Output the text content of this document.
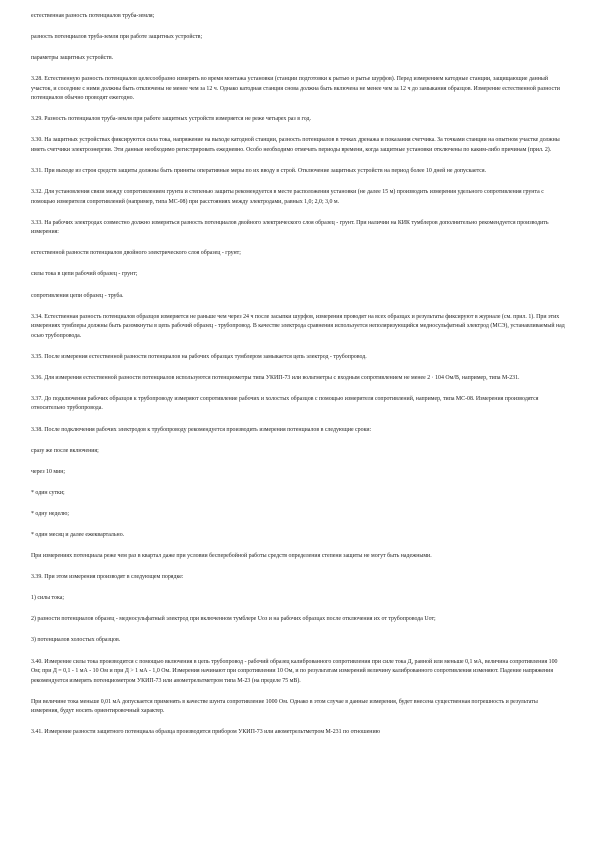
естественная разность потенциалов труба-земля;

разность потенциалов труба-земля при работе защитных устройств;

параметры защитных устройств.

3.28. Естественную разность потенциалов целесообразно измерять во время монтажа установки (станции подготовки к рытью и рытье шурфов). Перед измерением катодные станции, защищающие данный участок, и соседние с ними должны быть отключены не менее чем за 12 ч. Однако катодная станция снова должна быть включена не менее чем за 12 ч до замыкания образцов. Измерение естественной разности потенциалов обычно проводят ежегодно.

3.29. Разность потенциалов труба-земля при работе защитных устройств измеряется не реже четырех раз в год.

3.30. На защитных устройствах фиксируются сила тока, напряжение на выходе катодной станции, разность потенциалов в точках дренажа и показания счетчика. За точками станции на опытном участке должны иметь счетчики электроэнергии. Эти данные необходимо регистрировать ежедневно. Особо необходимо отмечать периоды времени, когда защитные установки отключены по каким-либо причинам (прил. 2).

3.31. При выходе из строя средств защиты должны быть приняты оперативные меры по их вводу в строй. Отключение защитных устройств на период более 10 дней не допускается.

3.32. Для установления связи между сопротивлением грунта и степенью защиты рекомендуется в месте расположения установки (не далее 15 м) производить измерения удельного сопротивления грунта с помощью измерителя сопротивлений (например, типа МС-08) при расстояниях между электродами, равных 1,0; 2,0; 3,0 м.

3.33. На рабочих электродах совместно должно измеряться разность потенциалов двойного электрического слоя образец - грунт. При наличии на КИК тумблеров дополнительно рекомендуется производить измерения:

естественной разности потенциалов двойного электрического слоя образец - грунт;

силы тока в цепи рабочий образец - грунт;

сопротивления цепи образец - труба.

3.34. Естественная разность потенциалов образцов измеряется не раньше чем через 24 ч после засыпки шурфов, измерения проводят на всех образцах и результаты фиксируют в журнале (см. прил. 1). При этих измерениях тумблеры должны быть разомкнуты в цепь рабочий образец - трубопровод. В качестве электрода сравнения используется неполяризующийся медносульфатный электрод (МСЭ), устанавливаемый над осью трубопровода.

3.35. После измерения естественной разности потенциалов на рабочих образцах тумблером замыкается цепь электрод - трубопровод.

3.36. Для измерения естественной разности потенциалов используются потенциометры типа УКИП-73 или вольтметры с входным сопротивлением не менее 2 · 104 Ом/В, например, типа М-231.

3.37. До подключения рабочих образцов к трубопроводу измеряют сопротивление рабочих и холостых образцов с помощью измерителя сопротивлений, например, типа МС-08. Измерения производятся относительно трубопровода.

3.38. После подключения рабочих электродов к трубопроводу рекомендуется производить измерения потенциалов в следующие сроки:

сразу же после включения;

через 10 мин;

* один сутки;

* одну неделю;

* один месяц и далее ежеквартально.

При измерениях потенциала реже чем раз в квартал даже при условии бесперебойной работы средств определения степени защиты не могут быть надежными.

3.39. При этом измерения производят в следующем порядке:

1) силы тока;

2) разности потенциалов образец - медносульфатный электрод при включенном тумблере Uоз и на рабочих образцах после отключения их от трубопровода Uот;

3) потенциалов холостых образцов.

3.40. Измерение силы тока производится с помощью включения в цепь трубопровод - рабочий образец калиброванного сопротивления при силе тока Д, равной или меньше 0,1 мА, величина сопротивления 100 Ом; при Д = 0,1 - 1 мА - 10 Ом и при Д > 1 мА - 1,0 Ом. Измерения начинают при сопротивлении 10 Ом, и по результатам измерений величину калиброванного сопротивления изменяют. Падение напряжения рекомендуется измерять потенциометром УКИП-73 или авометрельтметром типа М-23 (на пределе 75 мВ).

При величине тока меньше 0,01 мА допускается применять в качестве шунта сопротивление 1000 Ом. Однако в этом случае в данные измерения, будет внесена существенная погрешность и результаты измерения, будут носить ориентировочный характер.

3.41. Измерение разности защитного потенциала образца производится прибором УКИП-73 или авометрельтметром М-231 по отношению
